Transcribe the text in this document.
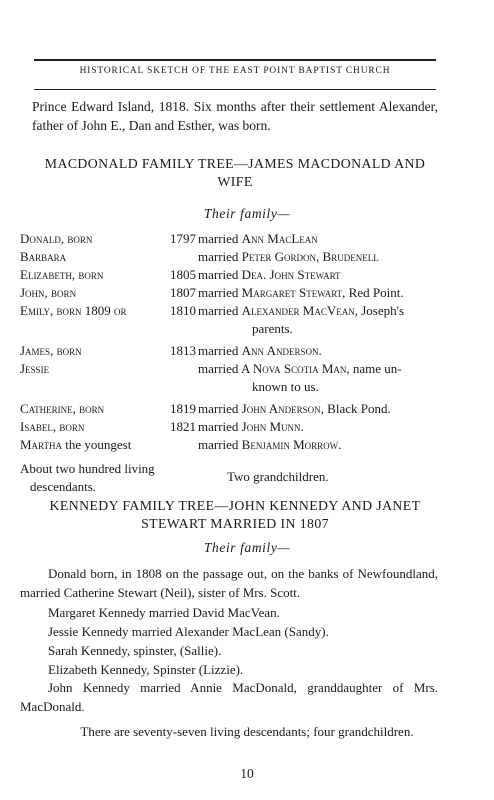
HISTORICAL SKETCH OF THE EAST POINT BAPTIST CHURCH
Prince Edward Island, 1818. Six months after their settlement Alexander, father of John E., Dan and Esther, was born.
MACDONALD FAMILY TREE—JAMES MACDONALD AND
WIFE
Their family—
Donald, born	1797 married Ann MacLean
Barbara	married Peter Gordon, Brudenell
Elizabeth, born	1805 married Dea. John Stewart
John, born	1807 married Margaret Stewart, Red Point.
Emily, born 1809 or	1810 married Alexander MacVean, Joseph's
parents.
James, born	1813 married Ann Anderson.
Jessie	married A Nova Scotia Man, name un-
known to us.
Catherine, born	1819 married John Anderson, Black Pond.
Isabel, born	1821 married John Munn.
Martha the youngest	married Benjamin Morrow.
About two hundred living
descendants.
Two grandchildren.
KENNEDY FAMILY TREE—JOHN KENNEDY AND JANET
STEWART MARRIED IN 1807
Their family—
Donald born, in 1808 on the passage out, on the banks of Newfoundland, married Catherine Stewart (Neil), sister of Mrs. Scott.
Margaret Kennedy married David MacVean.
Jessie Kennedy married Alexander MacLean (Sandy).
Sarah Kennedy, spinster, (Sallie).
Elizabeth Kennedy, Spinster (Lizzie).
John Kennedy married Annie MacDonald, granddaughter of Mrs. MacDonald.
There are seventy-seven living descendants; four grandchildren.
10
